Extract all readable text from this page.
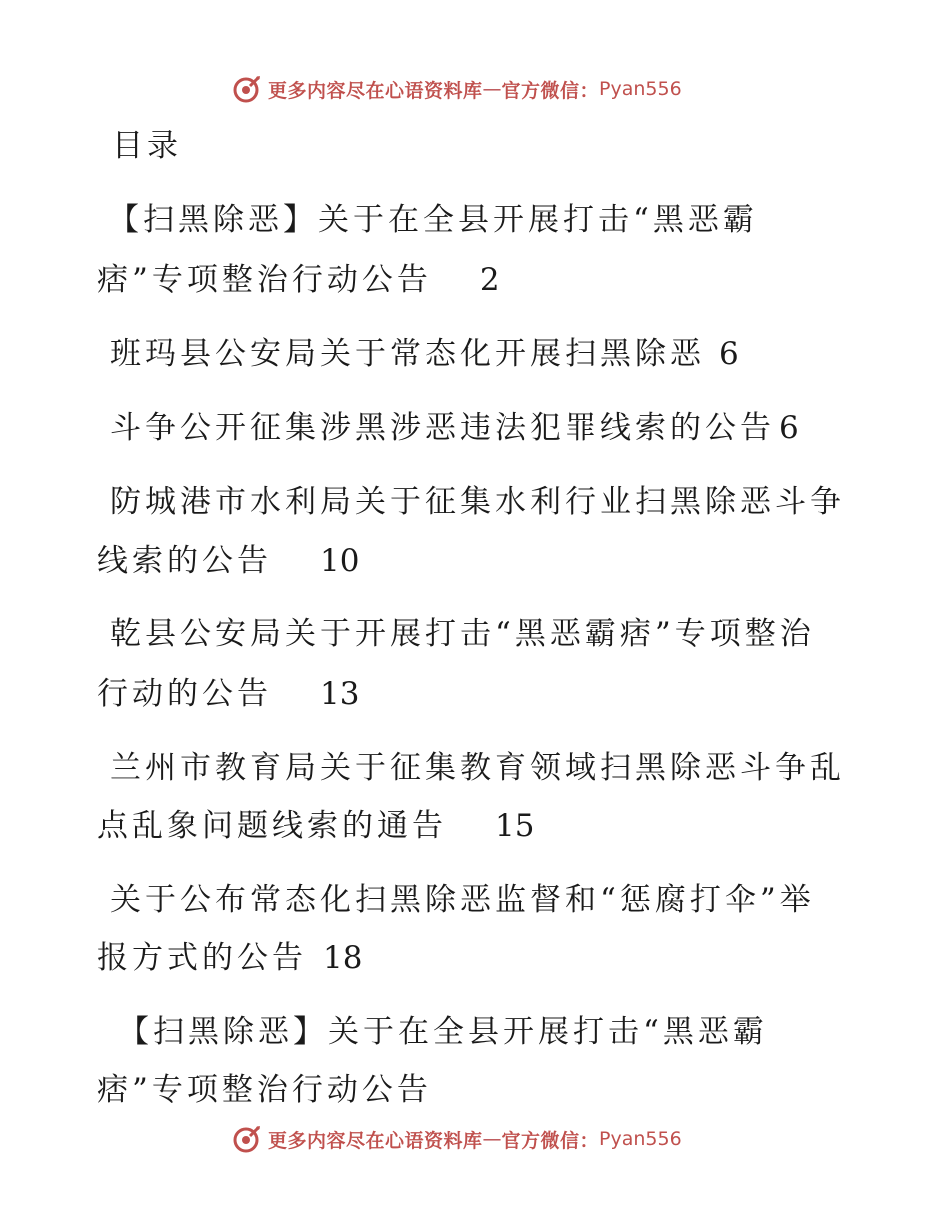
更多内容尽在心语资料库 — 官方微信： Pyan556
目录
【扫黑除恶】关于在全县开展打击“黑恶霸
痞”专项整治行动公告 2
班玛县公安局关于常态化开展扫黑除恶 6
斗争公开征集涉黑涉恶违法犯罪线索的公告 6
防城港市水利局关于征集水利行业扫黑除恶斗争
线索的公告 10
乾县公安局关于开展打击“黑恶霸痞”专项整治
行动的公告 13
兰州市教育局关于征集教育领域扫黑除恶斗争乱
点乱象问题线索的通告 15
关于公布常态化扫黑除恶监督和“惩腐打伞”举
报方式的公告 18
【扫黑除恶】关于在全县开展打击“黑恶霸
痞”专项整治行动公告
更多内容尽在心语资料库 — 官方微信： Pyan556
